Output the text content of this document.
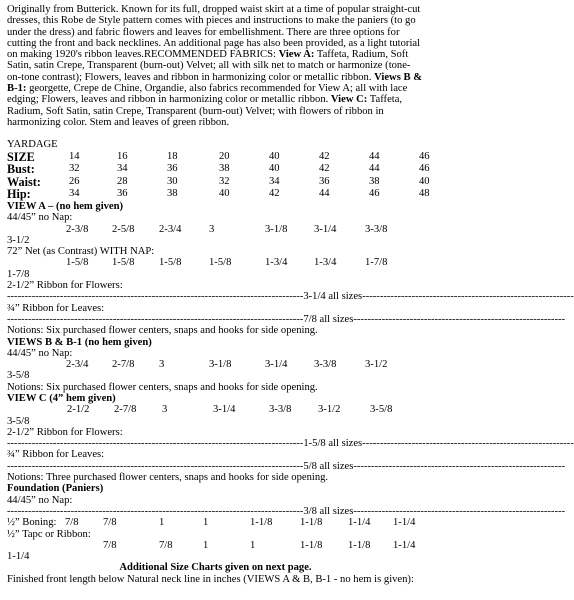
Originally from Butterick. Known for its full, dropped waist skirt at a time of popular straight-cut dresses, this Robe de Style pattern comes with pieces and instructions to make the paniers (to go under the dress) and fabric flowers and leaves for embellishment. There are three options for cutting the front and back necklines. An additional page has also been provided, as a light tutorial on making 1920's ribbon leaves.RECOMMENDED FABRICS: View A: Taffeta, Radium, Soft Satin, satin Crepe, Transparent (burn-out) Velvet; all with silk net to match or harmonize (tone-on-tone contrast); Flowers, leaves and ribbon in harmonizing color or metallic ribbon. Views B & B-1: georgette, Crepe de Chine, Organdie, also fabrics recommended for View A; all with lace edging; Flowers, leaves and ribbon in harmonizing color or metallic ribbon. View C: Taffeta, Radium, Soft Satin, satin Crepe, Transparent (burn-out) Velvet; with flowers of ribbon in harmonizing color. Stem and leaves of green ribbon.

YARDAGE

SIZE	14	16	18	20	40	42	44	46
Bust:	32	34	36	38	40	42	44	46
Waist:	26	28	30	32	34	36	38	40
Hip:	34	36	38	40	42	44	46	48

VIEW A – (no hem given)

44/45” no Nap:

2-3/8	2-5/8	2-3/4	3	3-1/8	3-1/4	3-3/8
3-1/2

72” Net (as Contrast) WITH NAP:

1-5/8	1-5/8	1-5/8	1-5/8	1-3/4	1-3/4	1-7/8
1-7/8

2-1/2” Ribbon for Flowers:

------------------------------------------------------------------------------------3-1/4 all sizes------------------------------------------------------------

¾” Ribbon for Leaves:

------------------------------------------------------------------------------------7/8 all sizes------------------------------------------------------------

Notions: Six purchased flower centers, snaps and hooks for side opening.

VIEWS B & B-1 (no hem given)

44/45” no Nap:

2-3/4	2-7/8	3	3-1/8	3-1/4	3-3/8	3-1/2
3-5/8

Notions: Six purchased flower centers, snaps and hooks for side opening.

VIEW C (4” hem given)

2-1/2	2-7/8	3	3-1/4	3-3/8	3-1/2	3-5/8
3-5/8

2-1/2” Ribbon for Flowers:

------------------------------------------------------------------------------------1-5/8 all sizes------------------------------------------------------------

¾” Ribbon for Leaves:

------------------------------------------------------------------------------------5/8 all sizes------------------------------------------------------------

Notions: Three purchased flower centers, snaps and hooks for side opening.

Foundation (Paniers)

44/45” no Nap:

------------------------------------------------------------------------------------3/8 all sizes------------------------------------------------------------
½” Boning: 7/8	7/8	1	1	1-1/8	1-1/8	1-1/4	1-1/4

½” Tapc or Ribbon:

7/8	7/8	1	1	1-1/8	1-1/8	1-1/4
1-1/4

Additional Size Charts given on next page.

Finished front length below Natural neck line in inches (VIEWS A & B, B-1 - no hem is given):
